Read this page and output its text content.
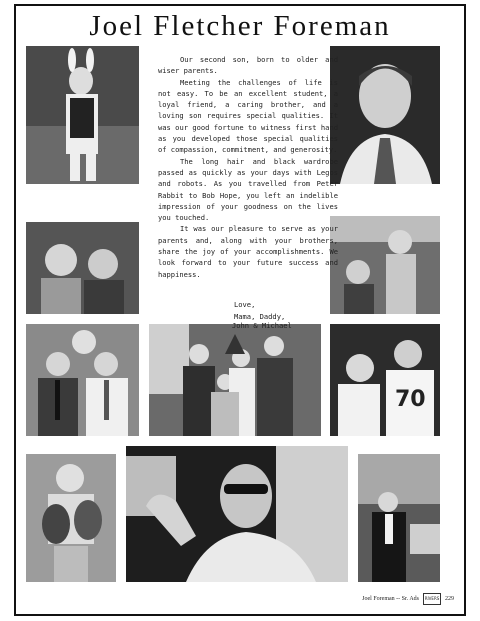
Joel Fletcher Foreman
70

Our second son, born to older and wiser parents.

Meeting the challenges of life is not easy. To be an excellent student, a loyal friend, a caring brother, and a loving son requires special qualities. It was our good fortune to witness first hand as you developed those special qualities of compassion, commitment, and generosity.

The long hair and black wardrobe passed as quickly as your days with Legos and robots. As you travelled from Peter Rabbit to Bob Hope, you left an indelible impression of your goodness on the lives you touched.

It was our pleasure to serve as your parents and, along with your brothers, share the joy of your accomplishments. We look forward to your future success and happiness.

Love,
Mama, Daddy,
Joel Foreman -- Sr. Ads	RIVERS 229
John & Michael
